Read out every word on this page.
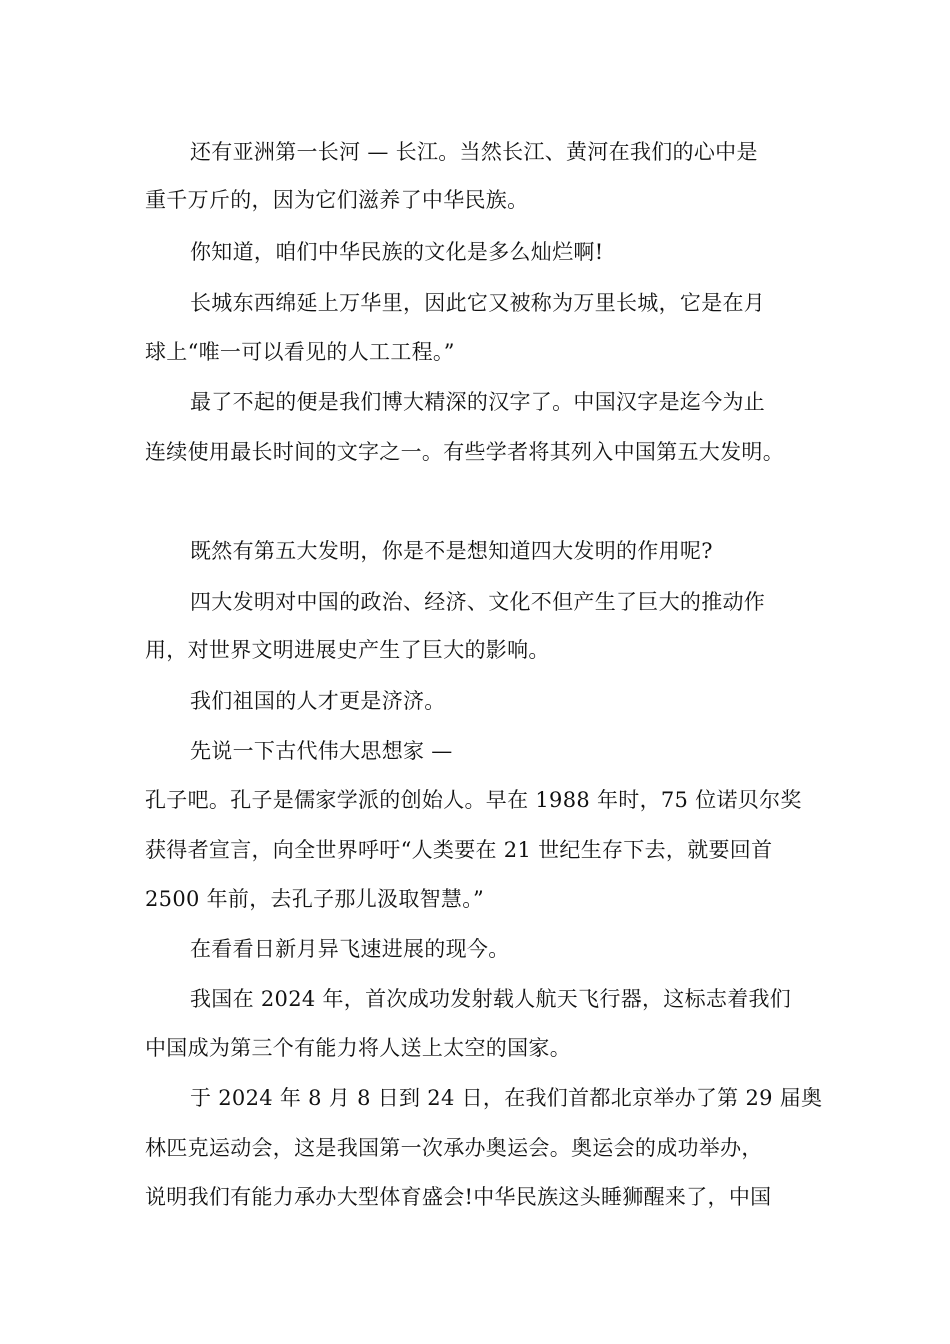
还有亚洲第一长河 — 长江。当然长江、黄河在我们的心中是
重千万斤的，因为它们滋养了中华民族。
你知道，咱们中华民族的文化是多么灿烂啊!
长城东西绵延上万华里，因此它又被称为万里长城，它是在月
球上“唯一可以看见的人工工程。”
最了不起的便是我们博大精深的汉字了。中国汉字是迄今为止
连续使用最长时间的文字之一。有些学者将其列入中国第五大发明。
既然有第五大发明，你是不是想知道四大发明的作用呢?
四大发明对中国的政治、经济、文化不但产生了巨大的推动作
用，对世界文明进展史产生了巨大的影响。
我们祖国的人才更是济济。
先说一下古代伟大思想家 —
孔子吧。孔子是儒家学派的创始人。早在 1988 年时，75 位诺贝尔奖
获得者宣言，向全世界呼吁“人类要在 21 世纪生存下去，就要回首
2500 年前，去孔子那儿汲取智慧。”
在看看日新月异飞速进展的现今。
我国在 2024 年，首次成功发射载人航天飞行器，这标志着我们
中国成为第三个有能力将人送上太空的国家。
于 2024 年 8 月 8 日到 24 日，在我们首都北京举办了第 29 届奥
林匹克运动会，这是我国第一次承办奥运会。奥运会的成功举办，
说明我们有能力承办大型体育盛会!中华民族这头睡狮醒来了，中国
